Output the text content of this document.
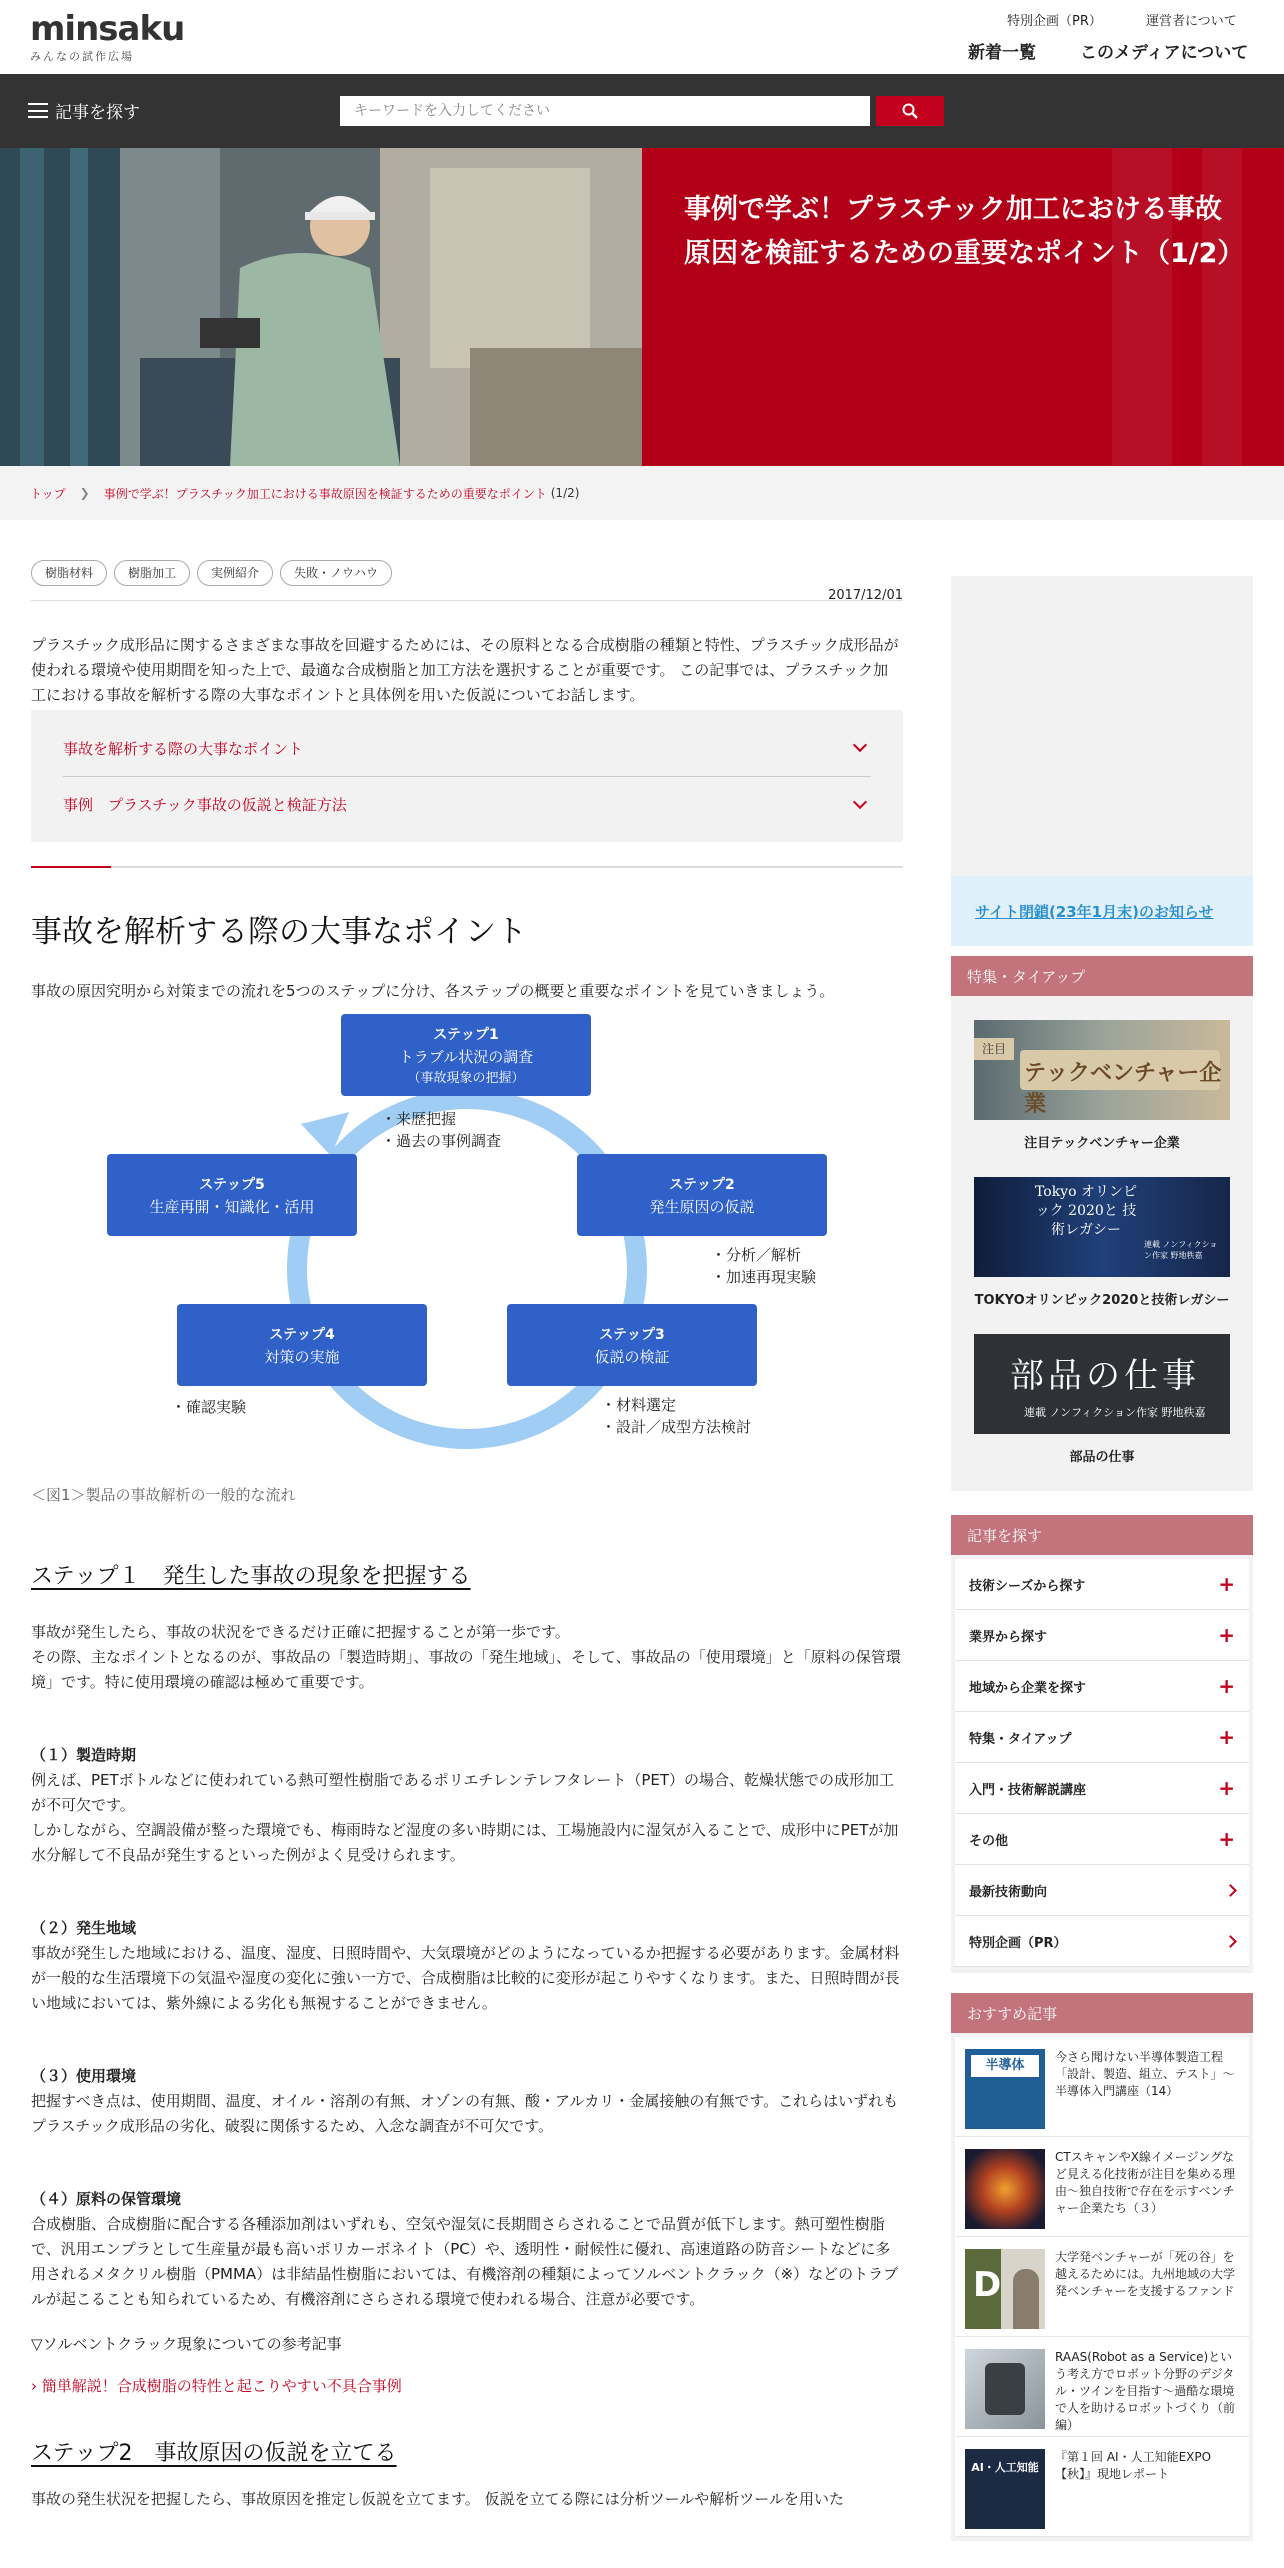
minsaku
みんなの試作広場
特別企画（PR）	運営者について
新着一覧	このメディアについて
記事を探す
キーワードを入力してください
事例で学ぶ！プラスチック加工における事故原因を検証するための重要なポイント（1/2）
トップ ❯ 事例で学ぶ！プラスチック加工における事故原因を検証するための重要なポイント (1/2)
樹脂材料	樹脂加工	実例紹介	失敗・ノウハウ
2017/12/01

プラスチック成形品に関するさまざまな事故を回避するためには、その原料となる合成樹脂の種類と特性、プラスチック成形品が使われる環境や使用期間を知った上で、最適な合成樹脂と加工方法を選択することが重要です。 この記事では、プラスチック加工における事故を解析する際の大事なポイントと具体例を用いた仮説についてお話します。

事故を解析する際の大事なポイント
事例　プラスチック事故の仮説と検証方法
事故を解析する際の大事なポイント

事故の原因究明から対策までの流れを5つのステップに分け、各ステップの概要と重要なポイントを見ていきましょう。

ステップ1
トラブル状況の調査
（事故現象の把握）
ステップ2
発生原因の仮説
ステップ3
仮説の検証
ステップ4
対策の実施
ステップ5
生産再開・知識化・活用
・来歴把握
・過去の事例調査
・分析／解析
・加速再現実験
・材料選定
・設計／成型方法検討
・確認実験

＜図1＞製品の事故解析の一般的な流れ

ステップ１　発生した事故の現象を把握する

事故が発生したら、事故の状況をできるだけ正確に把握することが第一歩です。

その際、主なポイントとなるのが、事故品の「製造時期」、事故の「発生地域」、そして、事故品の「使用環境」と「原料の保管環境」です。特に使用環境の確認は極めて重要です。

（１）製造時期

例えば、PETボトルなどに使われている熱可塑性樹脂であるポリエチレンテレフタレート（PET）の場合、乾燥状態での成形加工が不可欠です。

しかしながら、空調設備が整った環境でも、梅雨時など湿度の多い時期には、工場施設内に湿気が入ることで、成形中にPETが加水分解して不良品が発生するといった例がよく見受けられます。

（２）発生地域

事故が発生した地域における、温度、湿度、日照時間や、大気環境がどのようになっているか把握する必要があります。金属材料が一般的な生活環境下の気温や湿度の変化に強い一方で、合成樹脂は比較的に変形が起こりやすくなります。また、日照時間が長い地域においては、紫外線による劣化も無視することができません。

（３）使用環境

把握すべき点は、使用期間、温度、オイル・溶剤の有無、オゾンの有無、酸・アルカリ・金属接触の有無です。これらはいずれもプラスチック成形品の劣化、破裂に関係するため、入念な調査が不可欠です。

（４）原料の保管環境

合成樹脂、合成樹脂に配合する各種添加剤はいずれも、空気や湿気に長期間さらされることで品質が低下します。熱可塑性樹脂で、汎用エンプラとして生産量が最も高いポリカーボネイト（PC）や、透明性・耐候性に優れ、高速道路の防音シートなどに多用されるメタクリル樹脂（PMMA）は非結晶性樹脂においては、有機溶剤の種類によってソルベントクラック（※）などのトラブルが起こることも知られているため、有機溶剤にさらされる環境で使われる場合、注意が必要です。

▽ソルベントクラック現象についての参考記事

› 簡単解説！合成樹脂の特性と起こりやすい不具合事例

ステップ2　事故原因の仮説を立てる

事故の発生状況を把握したら、事故原因を推定し仮説を立てます。 仮説を立てる際には分析ツールや解析ツールを用いた

サイト閉鎖(23年1月末)のお知らせ
特集・タイアップ
注目
テックベンチャー企業
注目テックベンチャー企業
Tokyo オリンピック 2020と 技術レガシー
連載 ノンフィクション作家 野地秩嘉
TOKYOオリンピック2020と技術レガシー
部品の仕事
連載 ノンフィクション作家 野地秩嘉
部品の仕事
記事を探す
技術シーズから探す	+
業界から探す	+
地域から企業を探す	+
特集・タイアップ	+
入門・技術解説講座	+
その他	+
最新技術動向
特別企画（PR）
おすすめ記事
半導体
今さら聞けない半導体製造工程「設計、製造、組立、テスト」〜半導体入門講座（14）
CTスキャンやX線イメージングなど見える化技術が注目を集める理由〜独自技術で存在を示すベンチャー企業たち（３）
D
大学発ベンチャーが「死の谷」を越えるためには。九州地域の大学発ベンチャーを支援するファンド
RAAS(Robot as a Service)という考え方でロボット分野のデジタル・ツインを目指す〜過酷な環境で人を助けるロボットづくり（前編）
AI・人工知能
『第１回 AI・人工知能EXPO【秋】』現地レポート
